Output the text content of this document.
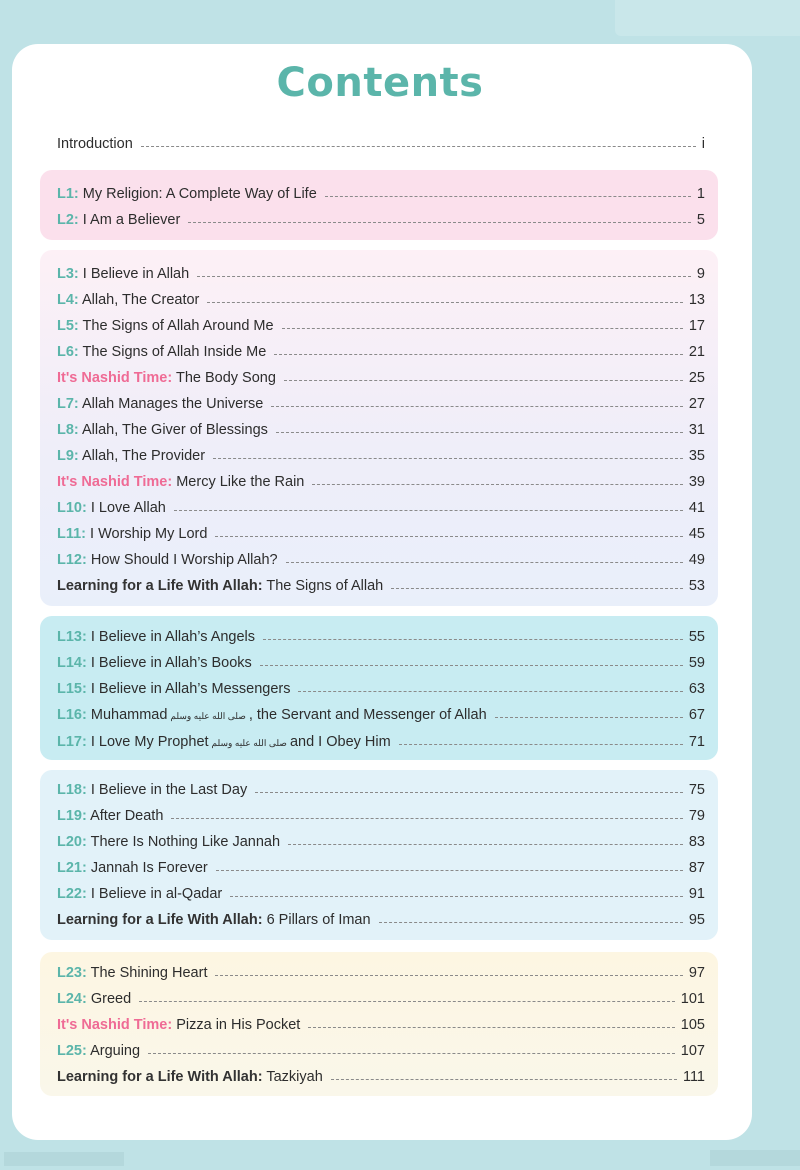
Contents
Introduction	i
L1: My Religion: A Complete Way of Life	1
L2: I Am a Believer	5
L3: I Believe in Allah	9
L4: Allah, The Creator	13
L5: The Signs of Allah Around Me	17
L6: The Signs of Allah Inside Me	21
It's Nashid Time: The Body Song	25
L7: Allah Manages the Universe	27
L8: Allah, The Giver of Blessings	31
L9: Allah, The Provider	35
It's Nashid Time: Mercy Like the Rain	39
L10: I Love Allah	41
L11: I Worship My Lord	45
L12: How Should I Worship Allah?	49
Learning for a Life With Allah: The Signs of Allah	53
L13: I Believe in Allah’s Angels	55
L14: I Believe in Allah’s Books	59
L15: I Believe in Allah’s Messengers	63
L16: Muhammad صلى الله عليه وسلم , the Servant and Messenger of Allah	67
L17: I Love My Prophet صلى الله عليه وسلم and I Obey Him	71
L18: I Believe in the Last Day	75
L19: After Death	79
L20: There Is Nothing Like Jannah	83
L21: Jannah Is Forever	87
L22: I Believe in al-Qadar	91
Learning for a Life With Allah: 6 Pillars of Iman	95
L23: The Shining Heart	97
L24: Greed	101
It's Nashid Time: Pizza in His Pocket	105
L25: Arguing	107
Learning for a Life With Allah: Tazkiyah	111
